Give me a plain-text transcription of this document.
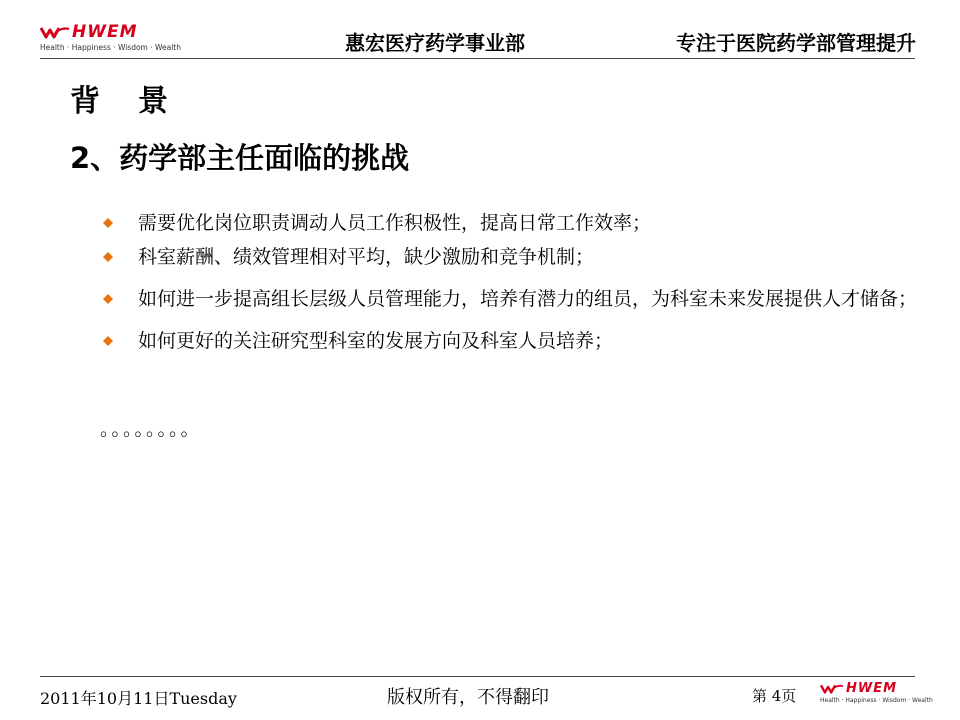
HWEM
Health · Happiness · Wisdom · Wealth	惠宏医疗药学事业部	专注于医院药学部管理提升
背景
2、药学部主任面临的挑战
需要优化岗位职责调动人员工作积极性，提高日常工作效率；
科室薪酬、绩效管理相对平均，缺少激励和竞争机制；
如何进一步提高组长层级人员管理能力，培养有潜力的组员，为科室未来发展提供人才储备；
如何更好的关注研究型科室的发展方向及科室人员培养；
。。。。。。。。
2011年10月11日Tuesday	版权所有，不得翻印	第 4页	HWEM
Health · Happiness · Wisdom · Wealth
